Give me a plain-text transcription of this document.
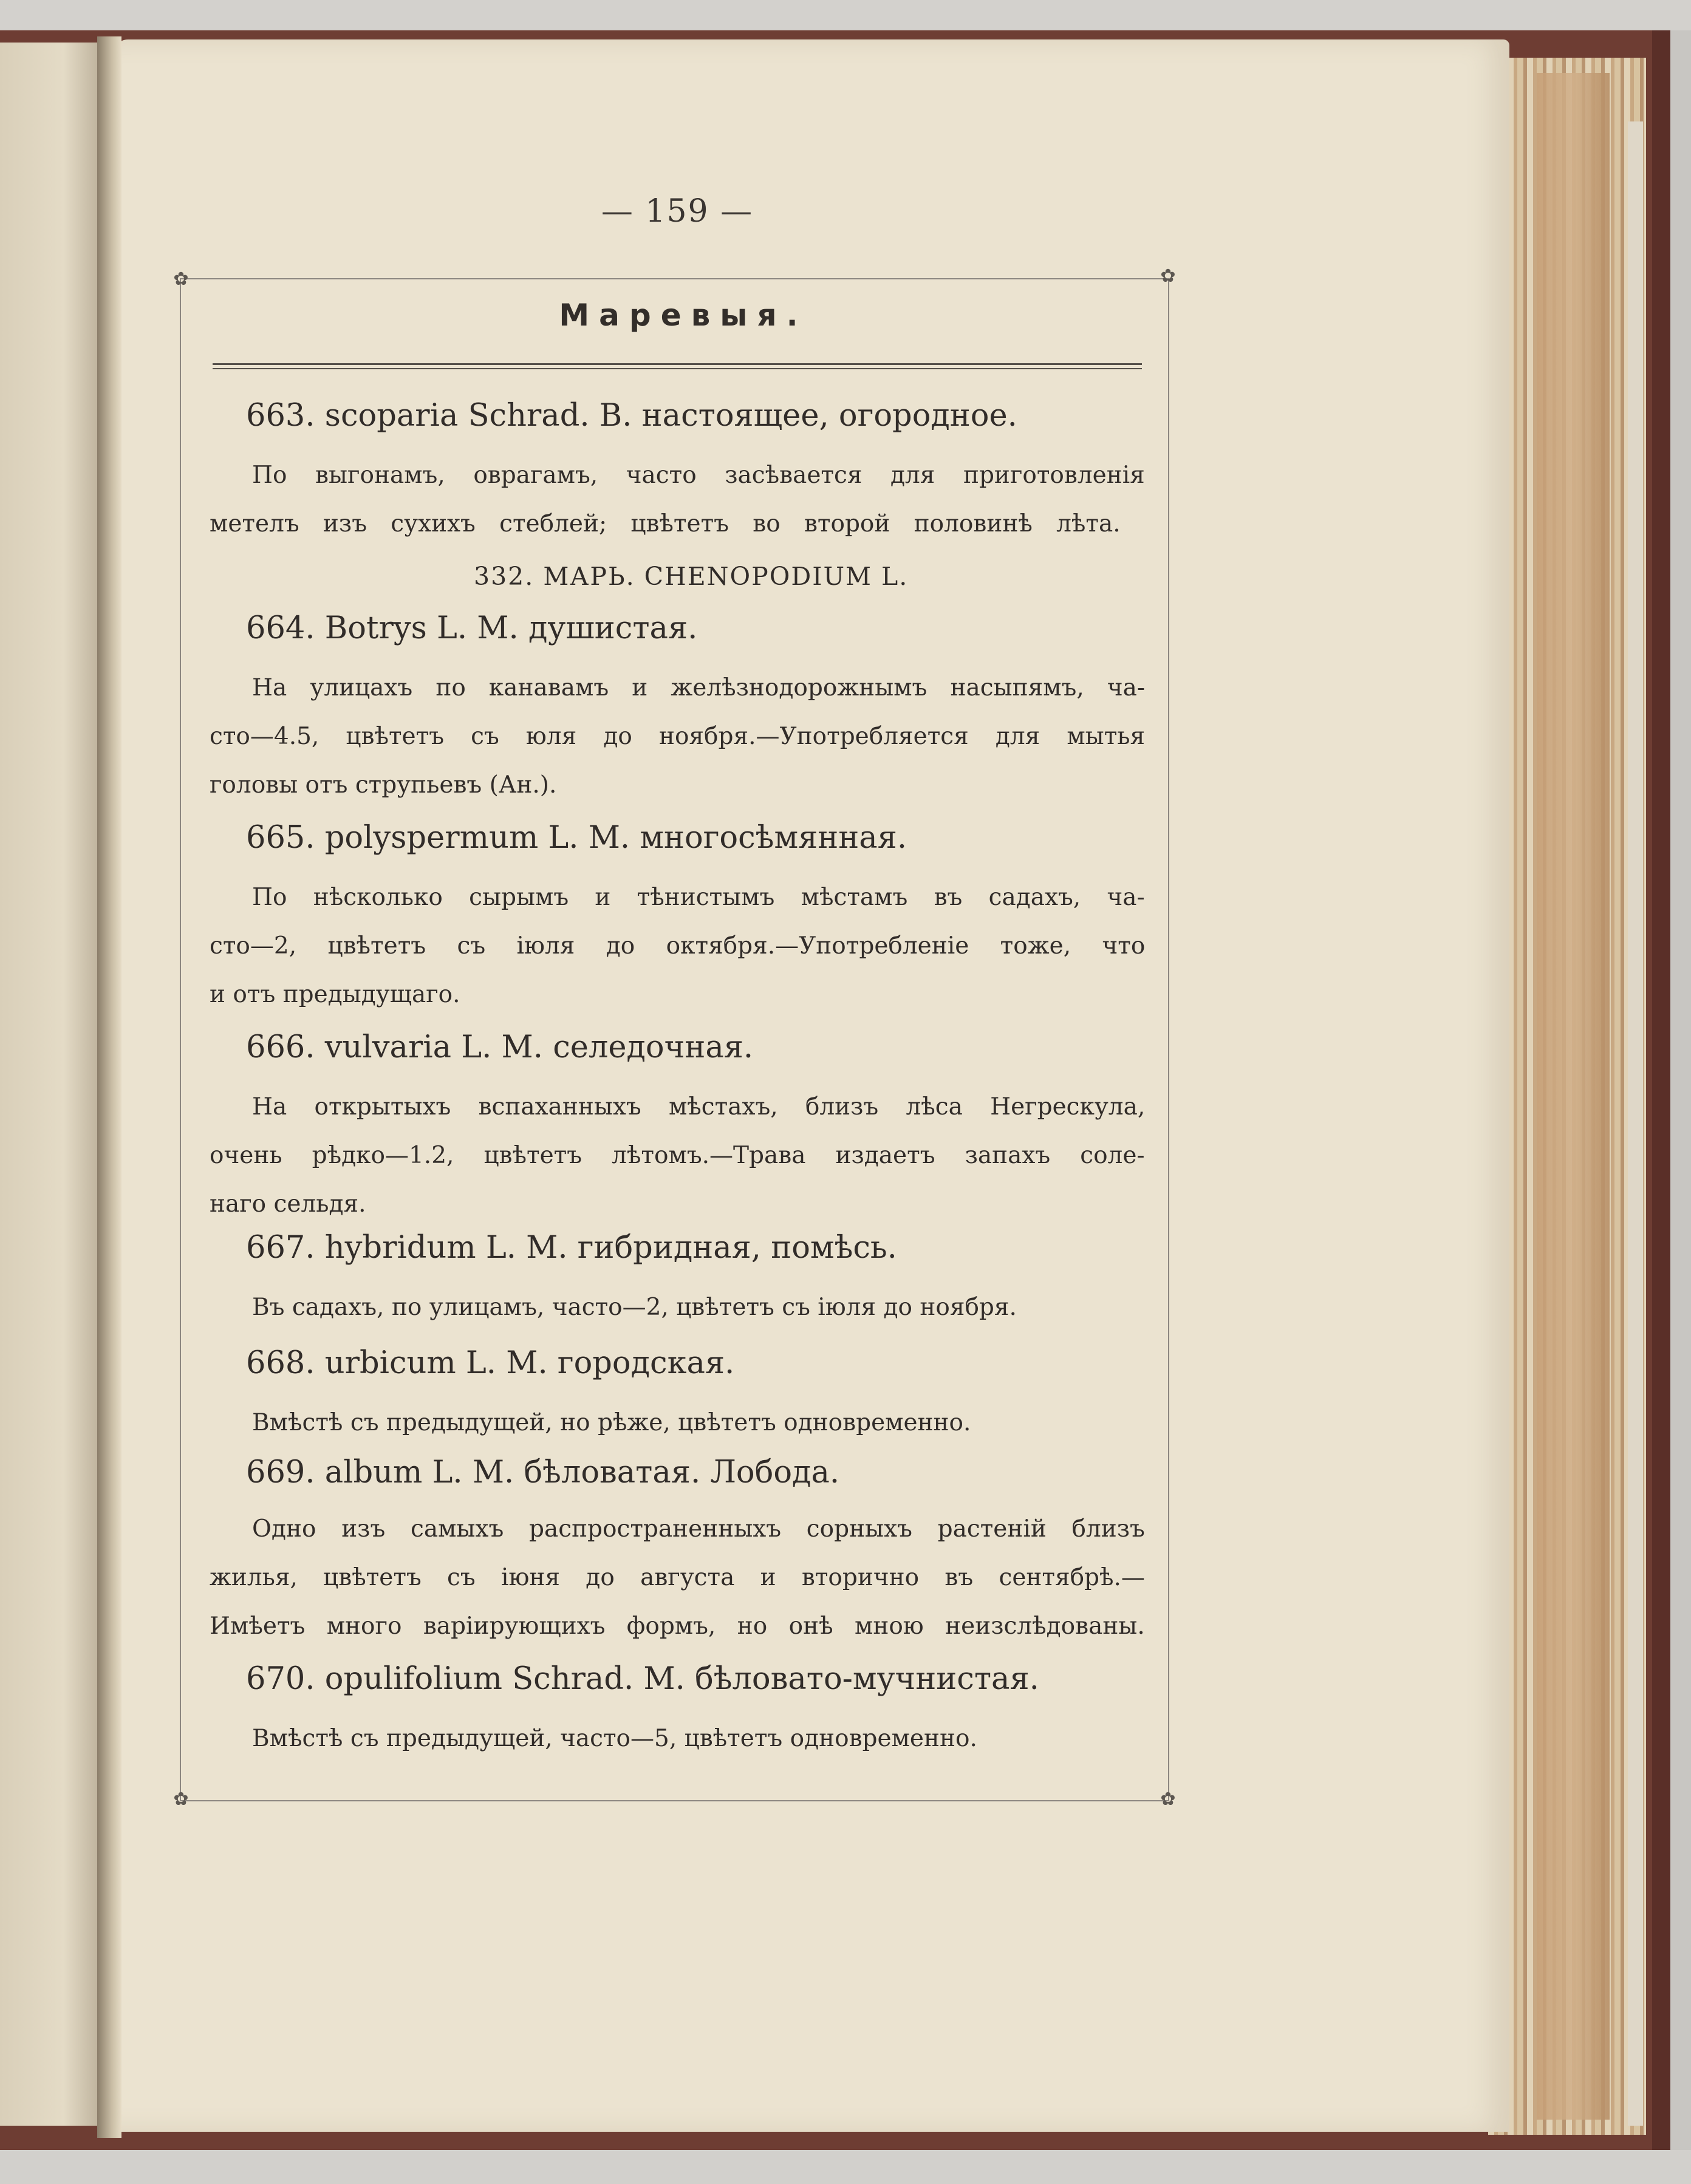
— 159 —
✿	✿
✿	✿
Маревыя.
663. scoparia Schrad. В. настоящее, огородное.
По выгонамъ, оврагамъ, часто засѣвается для приготовленія
метелъ изъ сухихъ стеблей; цвѣтетъ во второй половинѣ лѣта.
332. МАРЬ. CHENOPODIUM L.
664. Botrys L. М. душистая.
На улицахъ по канавамъ и желѣзнодорожнымъ насыпямъ, ча-
сто—4.5, цвѣтетъ съ юля до ноября.—Употребляется для мытья
головы отъ струпьевъ (Ан.).
665. polyspermum L. М. многосѣмянная.
По нѣсколько сырымъ и тѣнистымъ мѣстамъ въ садахъ, ча-
сто—2, цвѣтетъ съ іюля до октября.—Употребленіе тоже, что
и отъ предыдущаго.
666. vulvaria L. М. селедочная.
На открытыхъ вспаханныхъ мѣстахъ, близъ лѣса Негрескула,
очень рѣдко—1.2, цвѣтетъ лѣтомъ.—Трава издаетъ запахъ соле-
наго сельдя.
667. hybridum L. М. гибридная, помѣсь.
Въ садахъ, по улицамъ, часто—2, цвѣтетъ съ іюля до ноября.
668. urbicum L. М. городская.
Вмѣстѣ съ предыдущей, но рѣже, цвѣтетъ одновременно.
669. album L. М. бѣловатая. Лобода.
Одно изъ самыхъ распространенныхъ сорныхъ растеній близъ
жилья, цвѣтетъ съ іюня до августа и вторично въ сентябрѣ.—
Имѣетъ много варіирующихъ формъ, но онѣ мною неизслѣдованы.
670. opulifolium Schrad. М. бѣловато-мучнистая.
Вмѣстѣ съ предыдущей, часто—5, цвѣтетъ одновременно.
